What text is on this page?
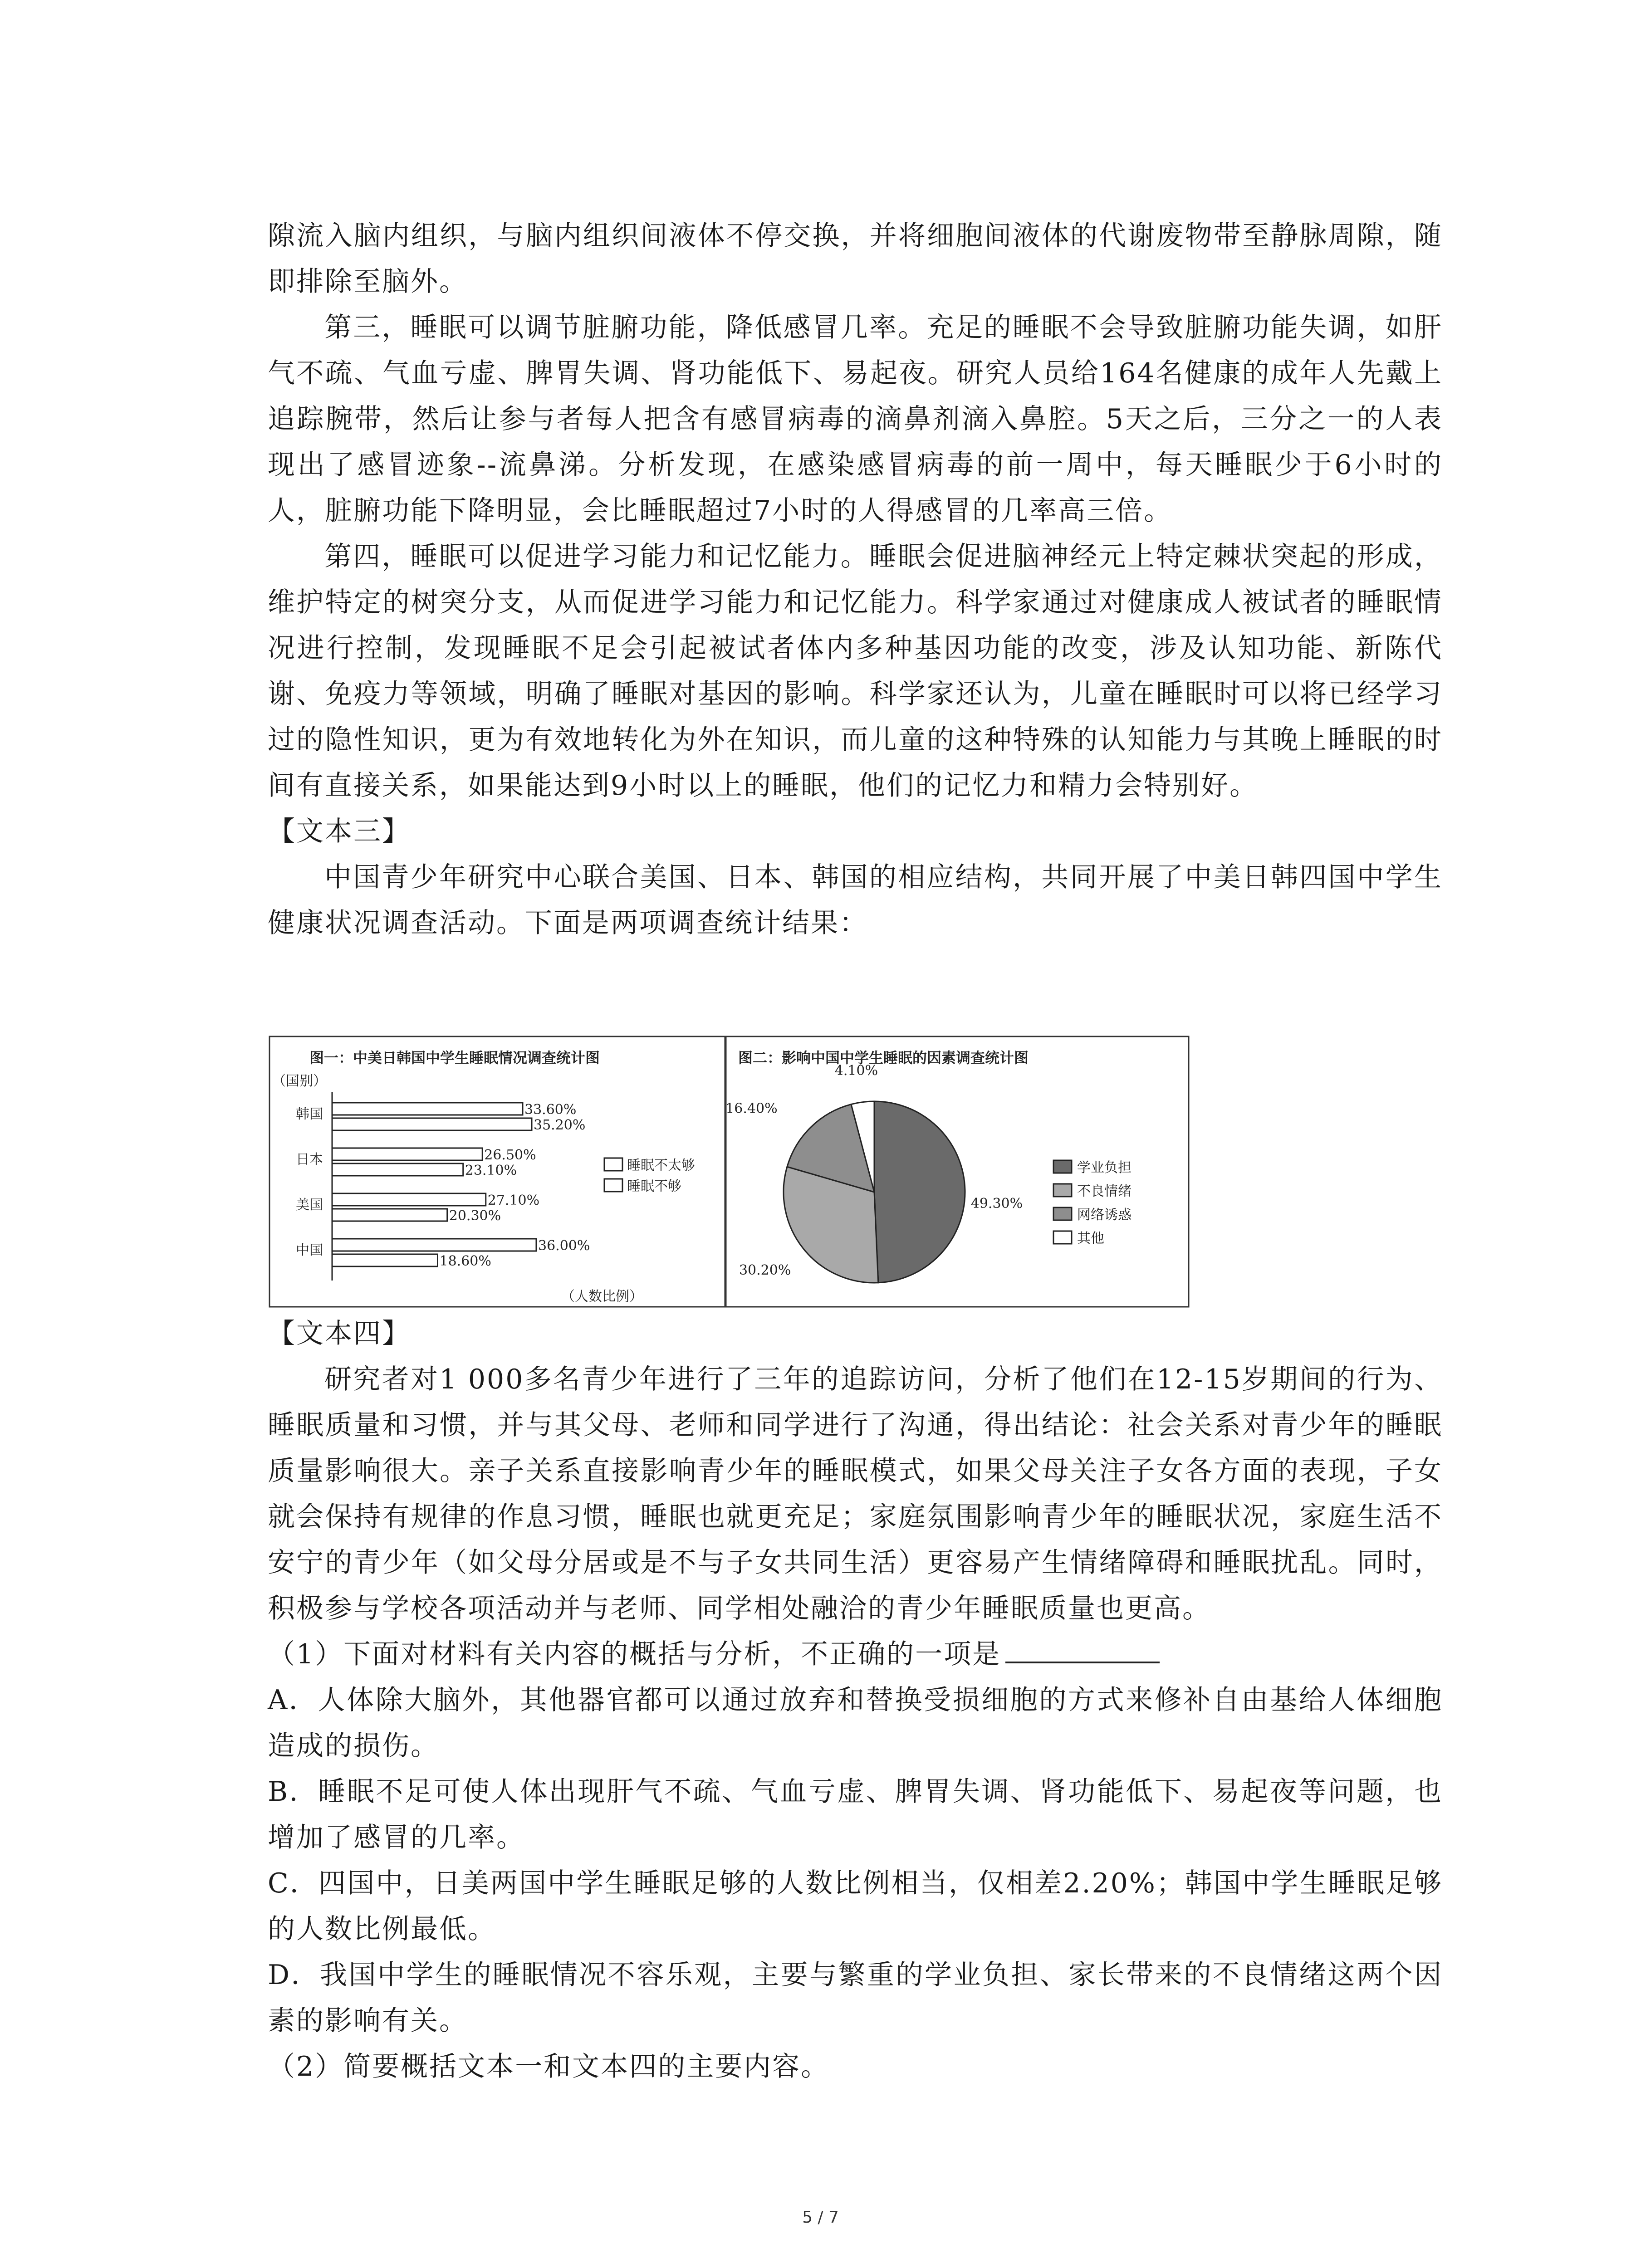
隙流入脑内组织，与脑内组织间液体不停交换，并将细胞间液体的代谢废物带至静脉周隙，随即排除至脑外。

第三，睡眠可以调节脏腑功能，降低感冒几率。充足的睡眠不会导致脏腑功能失调，如肝气不疏、气血亏虚、脾胃失调、肾功能低下、易起夜。研究人员给164名健康的成年人先戴上追踪腕带，然后让参与者每人把含有感冒病毒的滴鼻剂滴入鼻腔。5天之后，三分之一的人表现出了感冒迹象--流鼻涕。分析发现，在感染感冒病毒的前一周中，每天睡眠少于6小时的人，脏腑功能下降明显，会比睡眠超过7小时的人得感冒的几率高三倍。

第四，睡眠可以促进学习能力和记忆能力。睡眠会促进脑神经元上特定棘状突起的形成，维护特定的树突分支，从而促进学习能力和记忆能力。科学家通过对健康成人被试者的睡眠情况进行控制，发现睡眠不足会引起被试者体内多种基因功能的改变，涉及认知功能、新陈代谢、免疫力等领域，明确了睡眠对基因的影响。科学家还认为，儿童在睡眠时可以将已经学习过的隐性知识，更为有效地转化为外在知识，而儿童的这种特殊的认知能力与其晚上睡眠的时间有直接关系，如果能达到9小时以上的睡眠，他们的记忆力和精力会特别好。

【文本三】

中国青少年研究中心联合美国、日本、韩国的相应结构，共同开展了中美日韩四国中学生健康状况调查活动。下面是两项调查统计结果：

图一：中美日韩国中学生睡眠情况调查统计图
（国别）
韩国	33.60%
35.20%
日本	26.50%
23.10%
美国	27.10%
20.30%
中国	36.00%
18.60%
睡眠不太够
睡眠不够
（人数比例）
图二：影响中国中学生睡眠的因素调查统计图
49.30%
30.20%
16.40%
4.10%
学业负担
不良情绪
网络诱惑
其他

【文本四】

研究者对1 000多名青少年进行了三年的追踪访问，分析了他们在12-15岁期间的行为、睡眠质量和习惯，并与其父母、老师和同学进行了沟通，得出结论：社会关系对青少年的睡眠质量影响很大。亲子关系直接影响青少年的睡眠模式，如果父母关注子女各方面的表现，子女就会保持有规律的作息习惯，睡眠也就更充足；家庭氛围影响青少年的睡眠状况，家庭生活不安宁的青少年（如父母分居或是不与子女共同生活）更容易产生情绪障碍和睡眠扰乱。同时，积极参与学校各项活动并与老师、同学相处融洽的青少年睡眠质量也更高。

（1）下面对材料有关内容的概括与分析，不正确的一项是

A．人体除大脑外，其他器官都可以通过放弃和替换受损细胞的方式来修补自由基给人体细胞造成的损伤。

B．睡眠不足可使人体出现肝气不疏、气血亏虚、脾胃失调、肾功能低下、易起夜等问题，也增加了感冒的几率。

C．四国中，日美两国中学生睡眠足够的人数比例相当，仅相差2.20%；韩国中学生睡眠足够的人数比例最低。

D．我国中学生的睡眠情况不容乐观，主要与繁重的学业负担、家长带来的不良情绪这两个因素的影响有关。

（2）简要概括文本一和文本四的主要内容。

5 / 7
